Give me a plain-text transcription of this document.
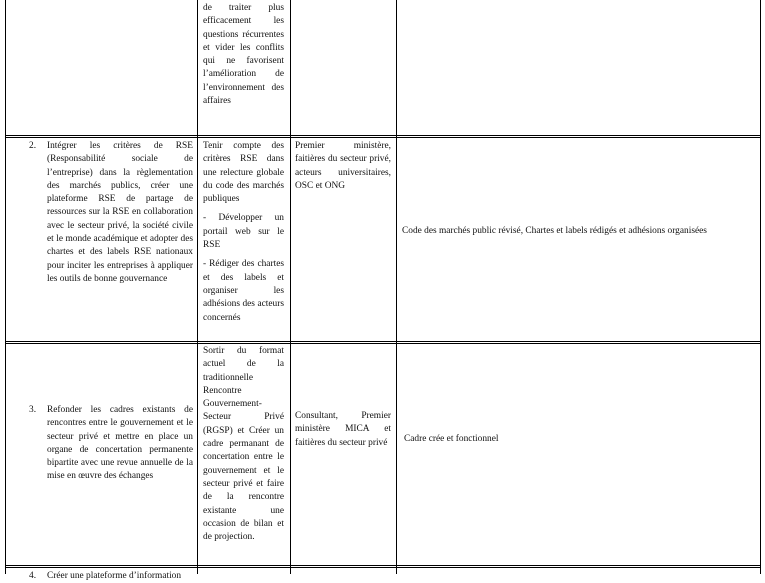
de traiter plus efficacement les questions récurrentes et vider les conflits qui ne favorisent l’amélioration de l’environnement des affaires

2. Intégrer les critères de RSE (Responsabilité sociale de l’entreprise) dans la règlementation des marchés publics, créer une plateforme RSE de partage de ressources sur la RSE en collaboration avec le secteur privé, la société civile et le monde académique et adopter des chartes et des labels RSE nationaux pour inciter les entreprises à appliquer les outils de bonne gouvernance

Tenir compte des critères RSE dans une relecture globale du code des marchés publiques

- Développer un portail web sur le RSE

- Rédiger des chartes et des labels et organiser les adhésions des acteurs concernés

Premier ministère, faitières du secteur privé, acteurs universitaires, OSC et ONG

Code des marchés public révisé, Chartes et labels rédigés et adhésions organisées
3. Refonder les cadres existants de rencontres entre le gouvernement et le secteur privé et mettre en place un organe de concertation permanente bipartite avec une revue annuelle de la mise en œuvre des échanges

Sortir du format actuel de la traditionnelle Rencontre Gouvernement-Secteur Privé (RGSP) et Créer un cadre permanant de concertation entre le gouvernement et le secteur privé et faire de la rencontre existante une occasion de bilan et de projection.

Consultant, Premier ministère MICA et faitières du secteur privé	Cadre crée et fonctionnel
4. Créer une plateforme d’information
